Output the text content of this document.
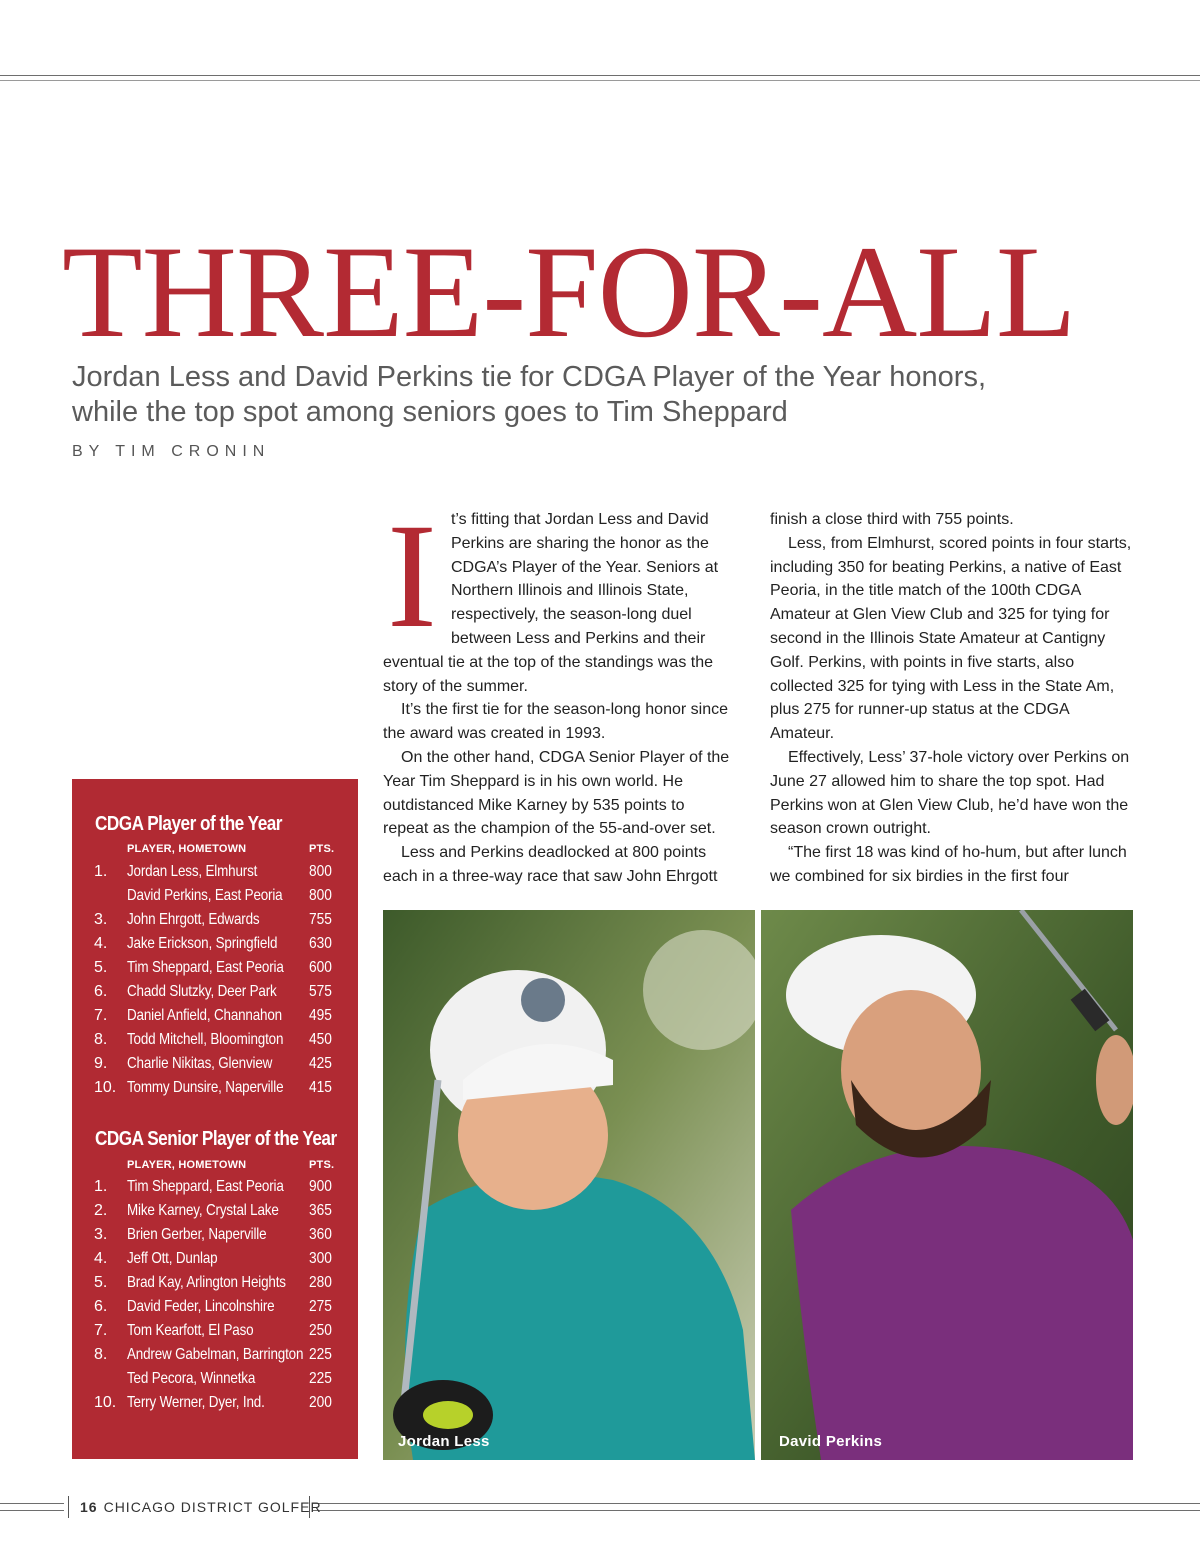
THREE-FOR-ALL
Jordan Less and David Perkins tie for CDGA Player of the Year honors,
while the top spot among seniors goes to Tim Sheppard
BY TIM CRONIN
I t’s fitting that Jordan Less and David Perkins are sharing the honor as the CDGA’s Player of the Year. Seniors at Northern Illinois and Illinois State, respectively, the season-long duel between Less and Perkins and their eventual tie at the top of the standings was the story of the summer.

It’s the first tie for the season-long honor since the award was created in 1993.

On the other hand, CDGA Senior Player of the Year Tim Sheppard is in his own world. He outdistanced Mike Karney by 535 points to repeat as the champion of the 55-and-over set.

Less and Perkins deadlocked at 800 points each in a three-way race that saw John Ehrgott

finish a close third with 755 points.

Less, from Elmhurst, scored points in four starts, including 350 for beating Perkins, a native of East Peoria, in the title match of the 100th CDGA Amateur at Glen View Club and 325 for tying for second in the Illinois State Amateur at Cantigny Golf. Perkins, with points in five starts, also collected 325 for tying with Less in the State Am, plus 275 for runner-up status at the CDGA Amateur.

Effectively, Less’ 37-hole victory over Perkins on June 27 allowed him to share the top spot. Had Perkins won at Glen View Club, he’d have won the season crown outright.

“The first 18 was kind of ho-hum, but after lunch we combined for six birdies in the first four

CDGA Player of the Year
PLAYER, HOMETOWN	PTS.
1. Jordan Less, Elmhurst	800
David Perkins, East Peoria 800
3. John Ehrgott, Edwards	755
4. Jake Erickson, Springfield 630
5. Tim Sheppard, East Peoria 600
6. Chadd Slutzky, Deer Park 575
7. Daniel Anfield, Channahon 495
8. Todd Mitchell, Bloomington 450
9. Charlie Nikitas, Glenview 425
10. Tommy Dunsire, Naperville 415
CDGA Senior Player of the Year
PLAYER, HOMETOWN	PTS.
1. Tim Sheppard, East Peoria 900
2. Mike Karney, Crystal Lake 365
3. Brien Gerber, Naperville	360
4. Jeff Ott, Dunlap	300
5. Brad Kay, Arlington Heights 280
6. David Feder, Lincolnshire 275
7. Tom Kearfott, El Paso	250
8. Andrew Gabelman, Barrington 225
Ted Pecora, Winnetka	225
10. Terry Werner, Dyer, Ind.	200
Jordan Less	David Perkins
16 CHICAGO DISTRICT GOLFER
